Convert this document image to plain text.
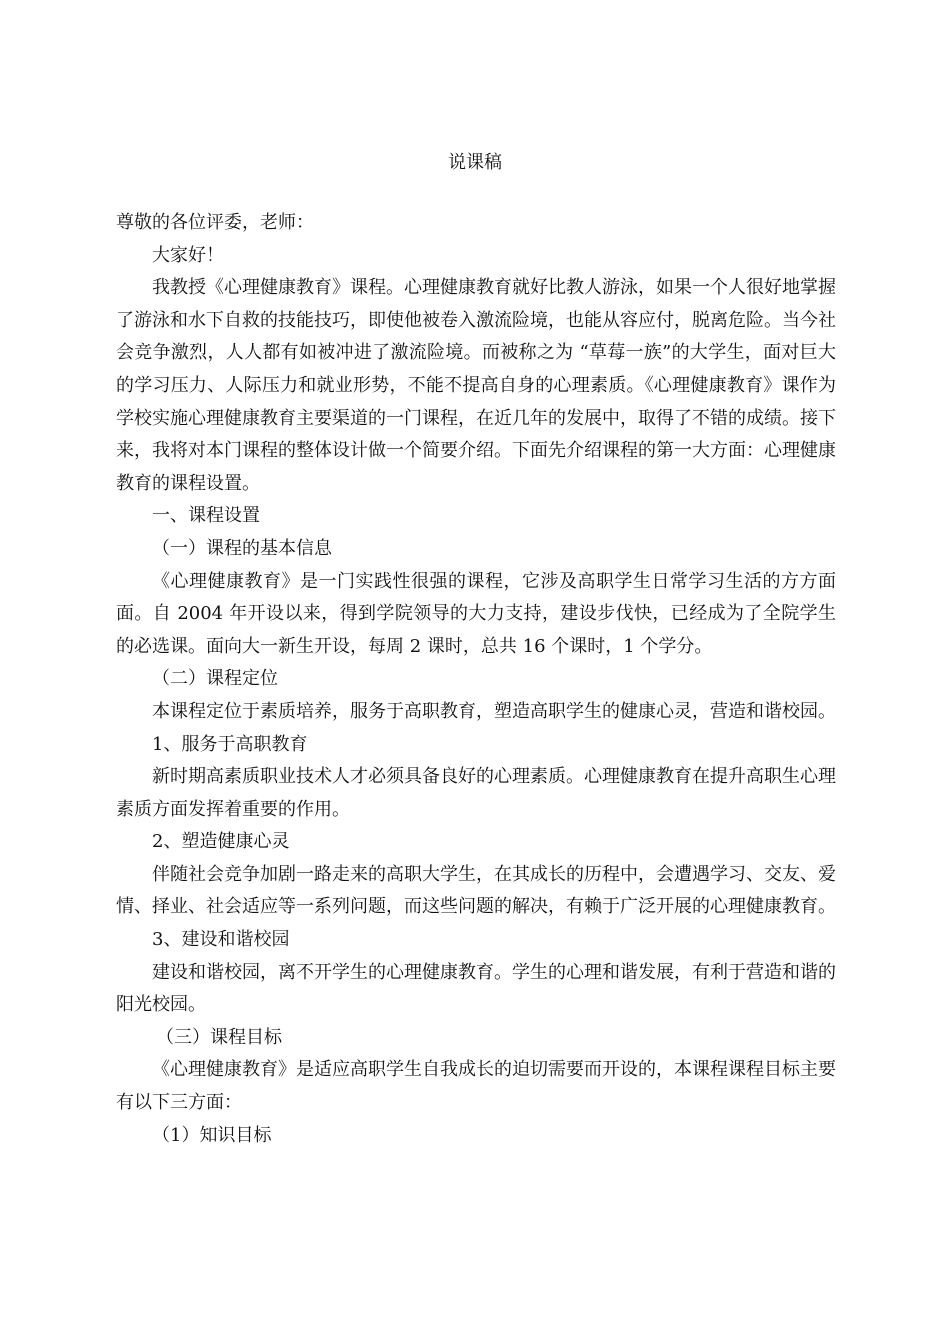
说课稿

尊敬的各位评委，老师：

大家好！

我教授《心理健康教育》课程。心理健康教育就好比教人游泳，如果一个人很好地掌握了游泳和水下自救的技能技巧，即使他被卷入激流险境，也能从容应付，脱离危险。当今社会竞争激烈，人人都有如被冲进了激流险境。而被称之为 “草莓一族”的大学生，面对巨大的学习压力、人际压力和就业形势，不能不提高自身的心理素质。《心理健康教育》课作为学校实施心理健康教育主要渠道的一门课程，在近几年的发展中，取得了不错的成绩。接下来，我将对本门课程的整体设计做一个简要介绍。下面先介绍课程的第一大方面：心理健康教育的课程设置。

一、课程设置

（一）课程的基本信息

《心理健康教育》是一门实践性很强的课程，它涉及高职学生日常学习生活的方方面面。自 2004 年开设以来，得到学院领导的大力支持，建设步伐快，已经成为了全院学生的必选课。面向大一新生开设，每周 2 课时，总共 16 个课时，1 个学分。

（二）课程定位

本课程定位于素质培养，服务于高职教育，塑造高职学生的健康心灵，营造和谐校园。

1、服务于高职教育

新时期高素质职业技术人才必须具备良好的心理素质。心理健康教育在提升高职生心理素质方面发挥着重要的作用。

2、塑造健康心灵

伴随社会竞争加剧一路走来的高职大学生，在其成长的历程中，会遭遇学习、交友、爱情、择业、社会适应等一系列问题，而这些问题的解决，有赖于广泛开展的心理健康教育。

3、建设和谐校园

建设和谐校园，离不开学生的心理健康教育。学生的心理和谐发展，有利于营造和谐的阳光校园。

（三）课程目标

《心理健康教育》是适应高职学生自我成长的迫切需要而开设的，本课程课程目标主要有以下三方面：

（1）知识目标
